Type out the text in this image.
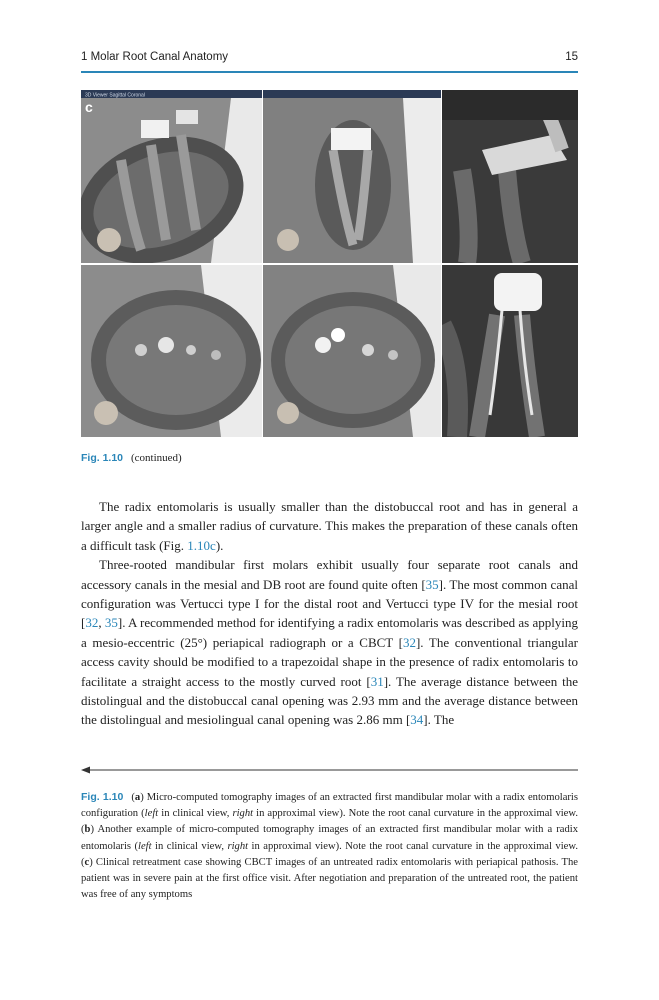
1 Molar Root Canal Anatomy	15
3D Viewer Sagittal Coronal
c
Fig. 1.10 (continued)

The radix entomolaris is usually smaller than the distobuccal root and has in general a larger angle and a smaller radius of curvature. This makes the preparation of these canals often a difficult task (Fig. 1.10c).

Three-rooted mandibular first molars exhibit usually four separate root canals and accessory canals in the mesial and DB root are found quite often [35]. The most common canal configuration was Vertucci type I for the distal root and Vertucci type IV for the mesial root [32, 35]. A recommended method for identifying a radix entomolaris was described as applying a mesio-eccentric (25°) periapical radiograph or a CBCT [32]. The conventional triangular access cavity should be modified to a trapezoidal shape in the presence of radix entomolaris to facilitate a straight access to the mostly curved root [31]. The average distance between the distolingual and the distobuccal canal opening was 2.93 mm and the average distance between the distolingual and mesiolingual canal opening was 2.86 mm [34]. The

Fig. 1.10 (a) Micro-computed tomography images of an extracted first mandibular molar with a radix entomolaris configuration (left in clinical view, right in approximal view). Note the root canal curvature in the approximal view. (b) Another example of micro-computed tomography images of an extracted first mandibular molar with a radix entomolaris (left in clinical view, right in approximal view). Note the root canal curvature in the approximal view. (c) Clinical retreatment case showing CBCT images of an untreated radix entomolaris with periapical pathosis. The patient was in severe pain at the first office visit. After negotiation and preparation of the untreated root, the patient was free of any symptoms
